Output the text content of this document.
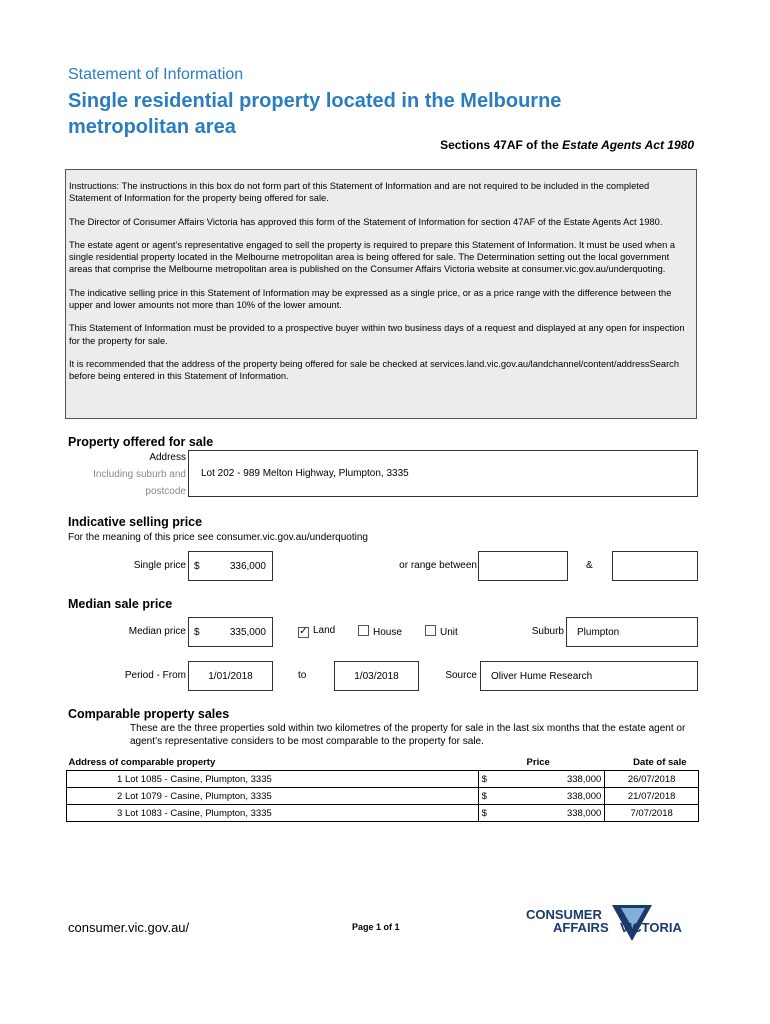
Statement of Information
Single residential property located in the Melbourne metropolitan area
Sections 47AF of the Estate Agents Act 1980

Instructions: The instructions in this box do not form part of this Statement of Information and are not required to be included in the completed Statement of Information for the property being offered for sale.

The Director of Consumer Affairs Victoria has approved this form of the Statement of Information for section 47AF of the Estate Agents Act 1980.

The estate agent or agent’s representative engaged to sell the property is required to prepare this Statement of Information. It must be used when a single residential property located in the Melbourne metropolitan area is being offered for sale. The Determination setting out the local government areas that comprise the Melbourne metropolitan area is published on the Consumer Affairs Victoria website at consumer.vic.gov.au/underquoting.

The indicative selling price in this Statement of Information may be expressed as a single price, or as a price range with the difference between the upper and lower amounts not more than 10% of the lower amount.

This Statement of Information must be provided to a prospective buyer within two business days of a request and displayed at any open for inspection for the property for sale.

It is recommended that the address of the property being offered for sale be checked at services.land.vic.gov.au/landchannel/content/addressSearch before being entered in this Statement of Information.

Property offered for sale
Address
Including suburb and
postcode
Lot 202 - 989 Melton Highway, Plumpton, 3335
Indicative selling price
For the meaning of this price see consumer.vic.gov.au/underquoting
Single price $	336,000	or range between	&
Median sale price
Median price $	335,000	✓ Land	House	Unit	Suburb	Plumpton
Period - From	1/01/2018	to	1/03/2018	Source	Oliver Hume Research
Comparable property sales
These are the three properties sold within two kilometres of the property for sale in the last six months that the estate agent or agent’s representative considers to be most comparable to the property for sale.
Address of comparable property	Price		Date of sale
1 Lot 1085 - Casine, Plumpton, 3335	$	338,000	26/07/2018
2 Lot 1079 - Casine, Plumpton, 3335	$	338,000	21/07/2018
3 Lot 1083 - Casine, Plumpton, 3335	$	338,000	7/07/2018
consumer.vic.gov.au/	Page 1 of 1
CONSUMER
AFFAIRS VICTORIA
